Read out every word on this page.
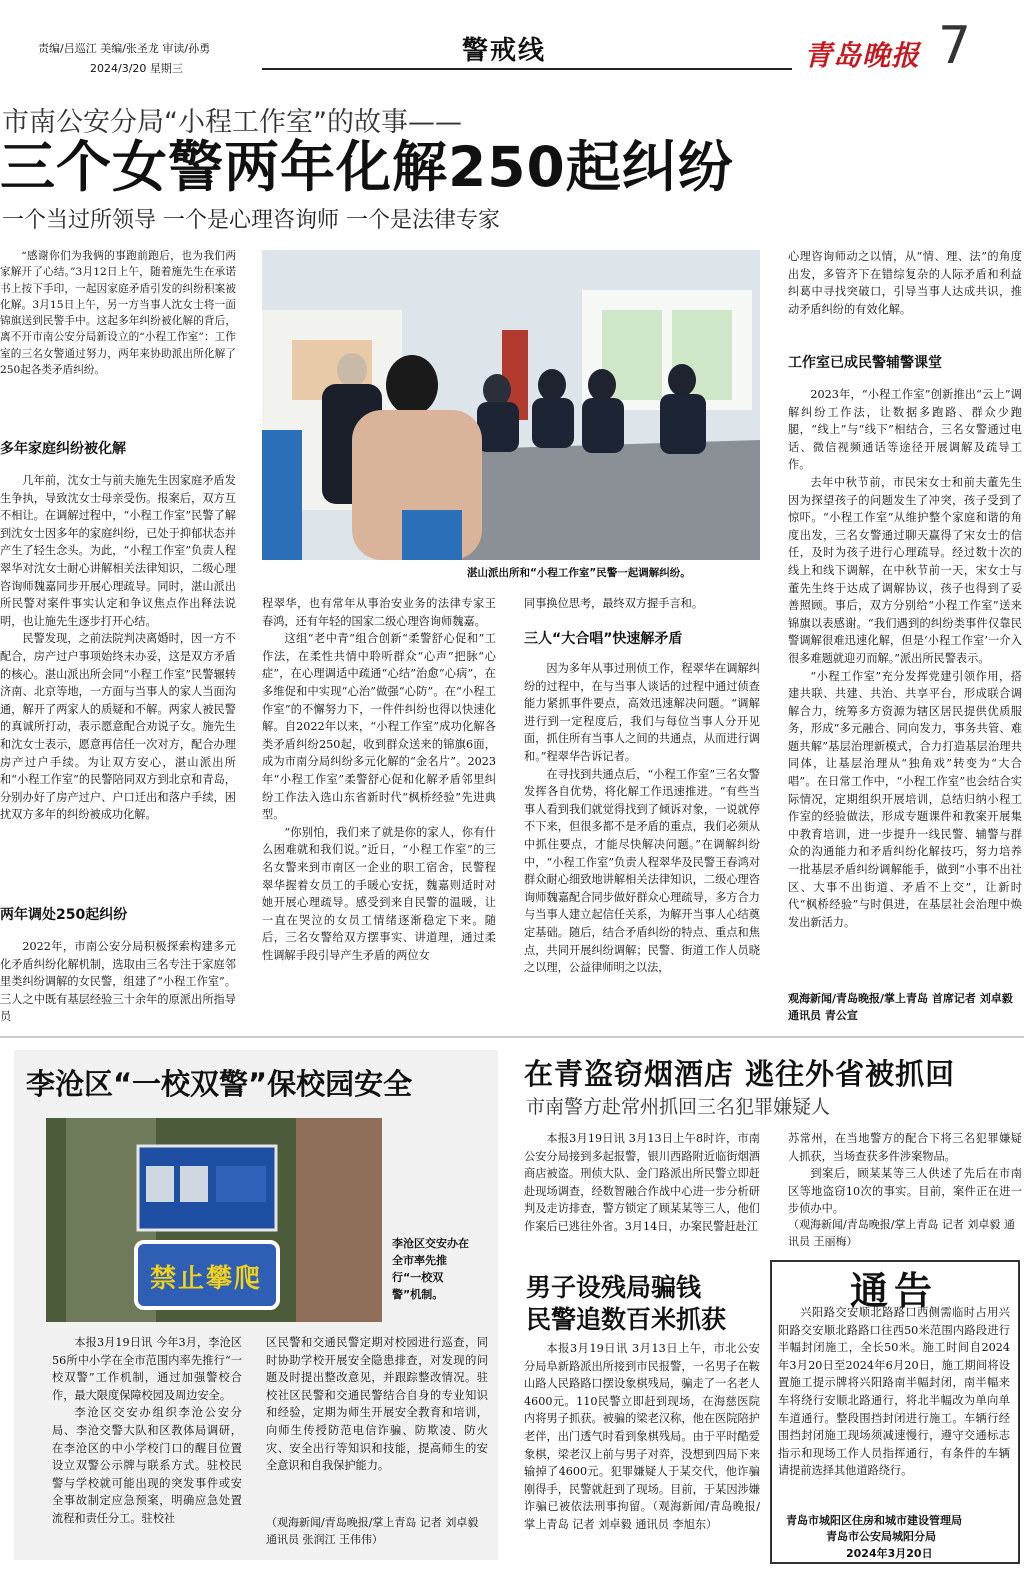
责编/吕巡江 美编/张圣龙 审读/孙勇
2024/3/20 星期三
警戒线	青岛晚报 7
市南公安分局“小程工作室”的故事——
三个女警两年化解250起纠纷
一个当过所领导 一个是心理咨询师 一个是法律专家

“感谢你们为我俩的事跑前跑后，也为我们两家解开了心结。”3月12日上午，随着施先生在承诺书上按下手印，一起因家庭矛盾引发的纠纷积案被化解。3月15日上午，另一方当事人沈女士将一面锦旗送到民警手中。这起多年纠纷被化解的背后，离不开市南公安分局新设立的“小程工作室”：工作室的三名女警通过努力，两年来协助派出所化解了250起各类矛盾纠纷。

多年家庭纠纷被化解

几年前，沈女士与前夫施先生因家庭矛盾发生争执，导致沈女士母亲受伤。报案后，双方互不相让。在调解过程中，“小程工作室”民警了解到沈女士因多年的家庭纠纷，已处于抑郁状态并产生了轻生念头。为此，“小程工作室”负责人程翠华对沈女士耐心讲解相关法律知识，二级心理咨询师魏嘉同步开展心理疏导。同时，湛山派出所民警对案件事实认定和争议焦点作出释法说明，也让施先生逐步打开心结。

民警发现，之前法院判决离婚时，因一方不配合，房产过户事项始终未办妥，这是双方矛盾的核心。湛山派出所会同“小程工作室”民警辗转济南、北京等地，一方面与当事人的家人当面沟通，解开了两家人的质疑和不解。两家人被民警的真诚所打动，表示愿意配合劝说子女。施先生和沈女士表示，愿意再信任一次对方，配合办理房产过户手续。为让双方安心，湛山派出所和“小程工作室”的民警陪同双方到北京和青岛，分别办好了房产过户、户口迁出和落户手续，困扰双方多年的纠纷被成功化解。

两年调处250起纠纷

2022年，市南公安分局积极探索构建多元化矛盾纠纷化解机制，选取由三名专注于家庭邻里类纠纷调解的女民警，组建了“小程工作室”。三人之中既有基层经验三十余年的原派出所指导员

湛山派出所和“小程工作室”民警一起调解纠纷。

程翠华，也有常年从事治安业务的法律专家王春鸿，还有年轻的国家二级心理咨询师魏嘉。

这组“老中青”组合创新“柔警舒心促和”工作法，在柔性共情中聆听群众“心声”把脉“心症”，在心理调适中疏通“心结”治愈“心病”，在多维促和中实现“心治”做强“心防”。在“小程工作室”的不懈努力下，一件件纠纷也得以快速化解。自2022年以来，“小程工作室”成功化解各类矛盾纠纷250起，收到群众送来的锦旗6面，成为市南分局纠纷多元化解的“金名片”。2023年“小程工作室”柔警舒心促和化解矛盾邻里纠纷工作法入选山东省新时代“枫桥经验”先进典型。

“你别怕，我们来了就是你的家人，你有什么困难就和我们说。”近日，“小程工作室”的三名女警来到市南区一企业的职工宿舍，民警程翠华握着女员工的手暖心安抚，魏嘉则适时对她开展心理疏导。感受到来自民警的温暖，让一直在哭泣的女员工情绪逐渐稳定下来。随后，三名女警给双方摆事实、讲道理，通过柔性调解手段引导产生矛盾的两位女

同事换位思考，最终双方握手言和。

三人“大合唱”快速解矛盾

因为多年从事过刑侦工作，程翠华在调解纠纷的过程中，在与当事人谈话的过程中通过侦查能力紧抓事件要点，高效迅速解决问题。“调解进行到一定程度后，我们与每位当事人分开见面，抓住所有当事人之间的共通点，从而进行调和。”程翠华告诉记者。

在寻找到共通点后，“小程工作室”三名女警发挥各自优势，将化解工作迅速推进。“有些当事人看到我们就觉得找到了倾诉对象，一说就停不下来，但很多都不是矛盾的重点，我们必须从中抓住要点，才能尽快解决问题。”在调解纠纷中，“小程工作室”负责人程翠华及民警王春鸿对群众耐心细致地讲解相关法律知识，二级心理咨询师魏嘉配合同步做好群众心理疏导，多方合力与当事人建立起信任关系，为解开当事人心结奠定基础。随后，结合矛盾纠纷的特点、重点和焦点，共同开展纠纷调解；民警、街道工作人员晓之以理，公益律师明之以法，

心理咨询师动之以情，从“情、理、法”的角度出发，多管齐下在错综复杂的人际矛盾和利益纠葛中寻找突破口，引导当事人达成共识，推动矛盾纠纷的有效化解。

工作室已成民警辅警课堂

2023年，“小程工作室”创新推出“云上”调解纠纷工作法，让数据多跑路、群众少跑腿，“线上”与“线下”相结合，三名女警通过电话、微信视频通话等途径开展调解及疏导工作。

去年中秋节前，市民宋女士和前夫董先生因为探望孩子的问题发生了冲突，孩子受到了惊吓。“小程工作室”从维护整个家庭和谐的角度出发，三名女警通过聊天赢得了宋女士的信任，及时为孩子进行心理疏导。经过数十次的线上和线下调解，在中秋节前一天，宋女士与董先生终于达成了调解协议，孩子也得到了妥善照顾。事后，双方分别给“小程工作室”送来锦旗以表感谢。“我们遇到的纠纷类事件仅靠民警调解很难迅速化解，但是‘小程工作室’一介入很多难题就迎刃而解。”派出所民警表示。

“小程工作室”充分发挥党建引领作用，搭建共联、共建、共治、共享平台，形成联合调解合力，统筹多方资源为辖区居民提供优质服务，形成“多元融合、同向发力，事务共管、难题共解”基层治理新模式，合力打造基层治理共同体，让基层治理从“独角戏”转变为“大合唱”。在日常工作中，“小程工作室”也会结合实际情况，定期组织开展培训，总结归纳小程工作室的经验做法，形成专题课件和教案开展集中教育培训，进一步提升一线民警、辅警与群众的沟通能力和矛盾纠纷化解技巧，努力培养一批基层矛盾纠纷调解能手，做到“小事不出社区、大事不出街道、矛盾不上交”，让新时代“枫桥经验”与时俱进，在基层社会治理中焕发出新活力。

观海新闻/青岛晚报/掌上青岛 首席记者 刘卓毅 通讯员 青公宣
李沧区“一校双警”保校园安全
禁止攀爬
李沧区交安办在全市率先推行“一校双警”机制。

本报3月19日讯 今年3月，李沧区56所中小学在全市范围内率先推行“一校双警”工作机制，通过加强警校合作，最大限度保障校园及周边安全。

李沧区交安办组织李沧公安分局、李沧交警大队和区教体局调研，在李沧区的中小学校门口的醒目位置设立双警公示牌与联系方式。驻校民警与学校就可能出现的突发事件或安全事故制定应急预案，明确应急处置流程和责任分工。驻校社

区民警和交通民警定期对校园进行巡查，同时协助学校开展安全隐患排查，对发现的问题及时提出整改意见，并跟踪整改情况。驻校社区民警和交通民警结合自身的专业知识和经验，定期为师生开展安全教育和培训，向师生传授防范电信诈骗、防欺凌、防火灾、安全出行等知识和技能，提高师生的安全意识和自我保护能力。

（观海新闻/青岛晚报/掌上青岛 记者 刘卓毅 通讯员 张润江 王伟伟）
在青盗窃烟酒店 逃往外省被抓回
市南警方赴常州抓回三名犯罪嫌疑人

本报3月19日讯 3月13日上午8时许，市南公安分局接到多起报警，银川西路附近临街烟酒商店被盗。刑侦大队、金门路派出所民警立即赶赴现场调查，经数智融合作战中心进一步分析研判及走访排查，警方锁定了顾某某等三人，他们作案后已逃往外省。3月14日，办案民警赶赴江

苏常州，在当地警方的配合下将三名犯罪嫌疑人抓获，当场查获多件涉案物品。

到案后，顾某某等三人供述了先后在市南区等地盗窃10次的事实。目前，案件正在进一步侦办中。

（观海新闻/青岛晚报/掌上青岛 记者 刘卓毅 通讯员 王丽梅）
男子设残局骗钱
民警追数百米抓获

本报3月19日讯 3月13日上午，市北公安分局阜新路派出所接到市民报警，一名男子在鞍山路人民路路口摆设象棋残局，骗走了一名老人4600元。110民警立即赶到现场，在海慈医院内将男子抓获。被骗的梁老汉称，他在医院陪护老伴，出门透气时看到象棋残局。由于平时酷爱象棋，梁老汉上前与男子对弈，没想到四局下来输掉了4600元。犯罪嫌疑人于某交代，他诈骗刚得手，民警就赶到了现场。目前，于某因涉嫌诈骗已被依法刑事拘留。（观海新闻/青岛晚报/掌上青岛 记者 刘卓毅 通讯员 李旭东）

通告

兴阳路交安顺北路路口西侧需临时占用兴阳路交安顺北路路口往西50米范围内路段进行半幅封闭施工，全长50米。施工时间自2024年3月20日至2024年6月20日，施工期间将设置施工提示牌将兴阳路南半幅封闭，南半幅来车将绕行安顺北路通行，将北半幅改为单向单车道通行。整段围挡封闭进行施工。车辆行经围挡封闭施工现场须减速慢行，遵守交通标志指示和现场工作人员指挥通行，有条件的车辆请提前选择其他道路绕行。

青岛市城阳区住房和城市建设管理局
青岛市公安局城阳分局
2024年3月20日
